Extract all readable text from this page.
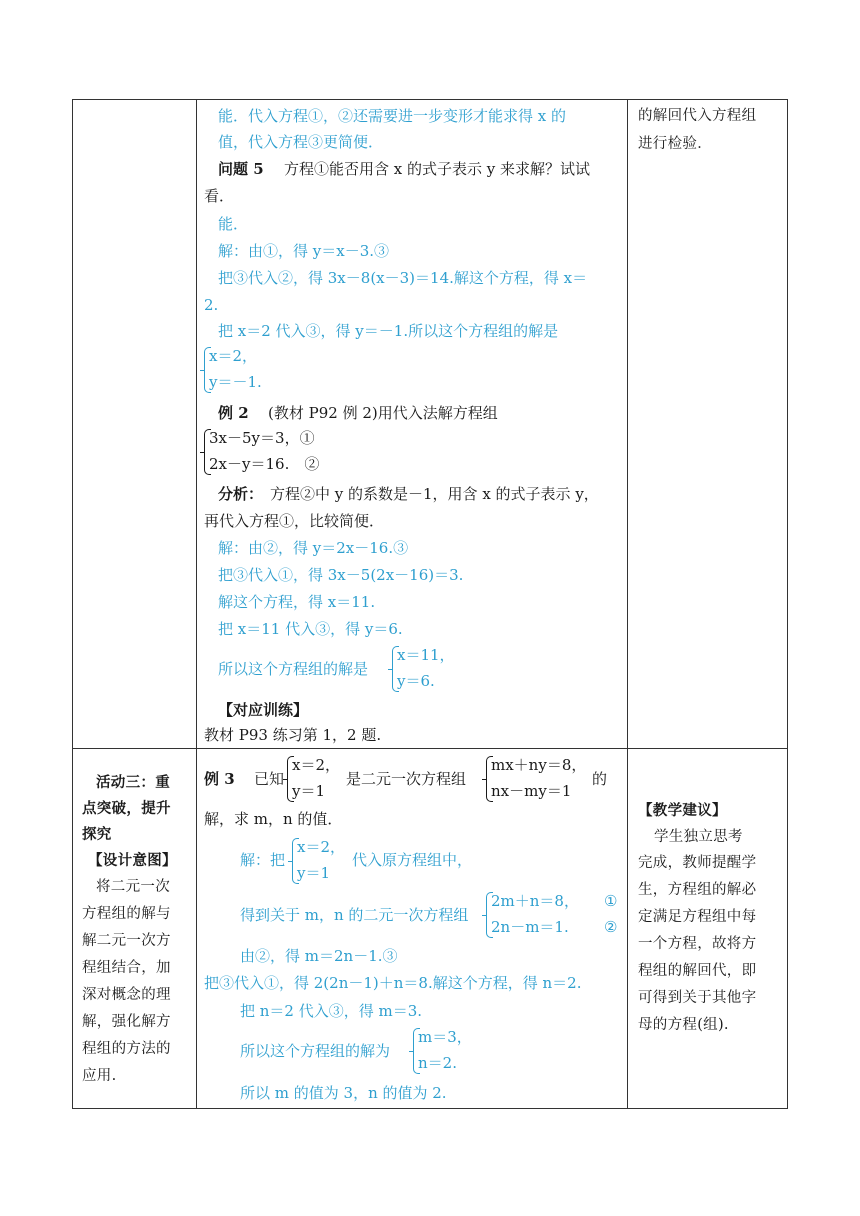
能．代入方程①，②还需要进一步变形才能求得 x 的
值，代入方程③更简便．
问题 5 方程①能否用含 x 的式子表示 y 来求解？试试
看．
能．
解：由①，得 y＝x－3.③
把③代入②，得 3x－8(x－3)＝14.解这个方程，得 x＝
2.
把 x＝2 代入③，得 y＝－1.所以这个方程组的解是
x＝2，
y＝－1.
例 2 (教材 P92 例 2)用代入法解方程组
3x－5y＝3，①
2x－y＝16.　②
分析： 方程②中 y 的系数是－1，用含 x 的式子表示 y，
再代入方程①，比较简便．
解：由②，得 y＝2x－16.③
把③代入①，得 3x－5(2x－16)＝3.
解这个方程，得 x＝11.
把 x＝11 代入③，得 y＝6.
所以这个方程组的解是
x＝11，
y＝6.
【对应训练】
教材 P93 练习第 1，2 题.
的解回代入方程组
进行检验．
活动三：重
点突破，提升
探究
【设计意图】
将二元一次
方程组的解与
解二元一次方
程组结合，加
深对概念的理
解，强化解方
程组的方法的
应用.
例 3 已知
x＝2，
y＝1
是二元一次方程组
mx＋ny＝8，
nx－my＝1
的
解，求 m，n 的值．
解：把
x＝2，
y＝1
代入原方程组中，
得到关于 m，n 的二元一次方程组
2m＋n＝8， ①
2n－m＝1. ②
由②，得 m＝2n－1.③
把③代入①，得 2(2n－1)＋n＝8.解这个方程，得 n＝2.
把 n＝2 代入③，得 m＝3.
所以这个方程组的解为
m＝3，
n＝2.
所以 m 的值为 3，n 的值为 2.
【教学建议】
学生独立思考
完成，教师提醒学
生，方程组的解必
定满足方程组中每
一个方程，故将方
程组的解回代，即
可得到关于其他字
母的方程(组).
